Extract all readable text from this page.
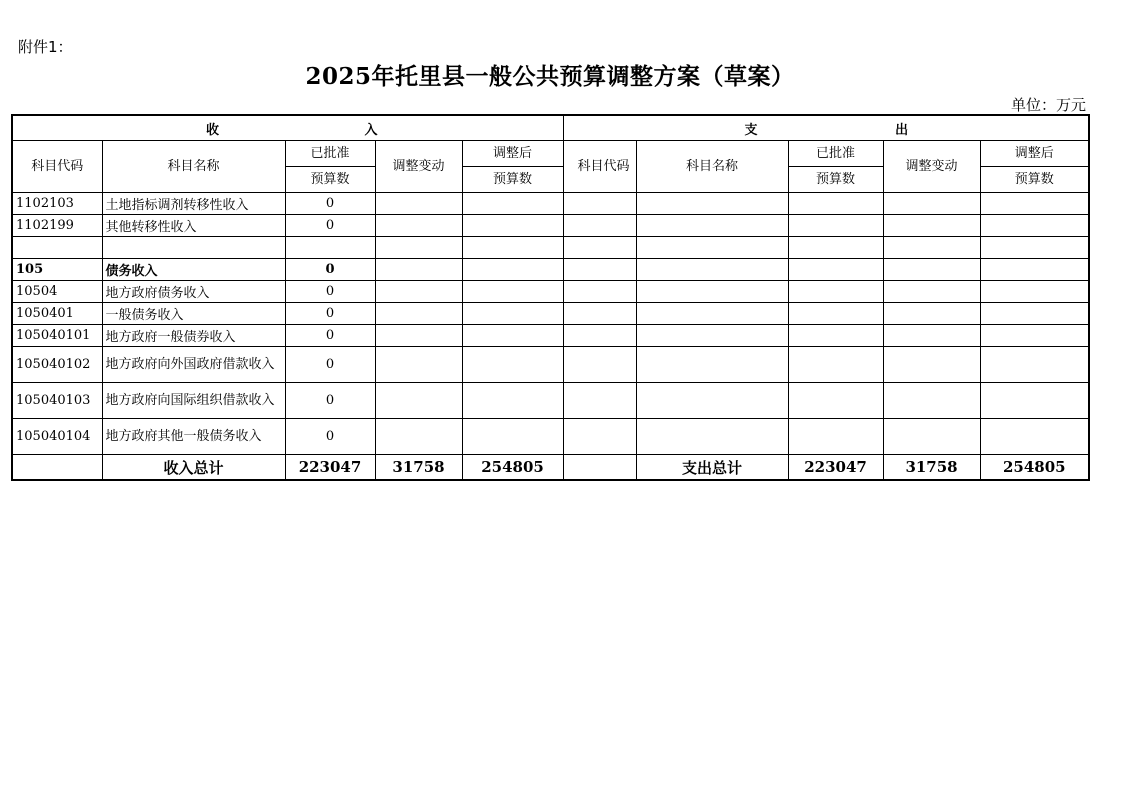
附件1：
2025年托里县一般公共预算调整方案（草案）
单位：万元
收 入					支 出				

科目代码	科目名称	已批准	调整变动	调整后	科目代码	科目名称	已批准	调整变动	调整后
		预算数		预算数			预算数		预算数
1102103	土地指标调剂转移性收入	0							
1102199	其他转移性收入	0							

105	债务收入	0							
10504	地方政府债务收入	0							
1050401	一般债务收入	0							
105040101	地方政府一般债券收入	0							
105040102	地方政府向外国政府借款收入	0							
105040103	地方政府向国际组织借款收入	0							
105040104	地方政府其他一般债务收入	0							
	收入总计	223047	31758	254805		支出总计	223047	31758	254805
